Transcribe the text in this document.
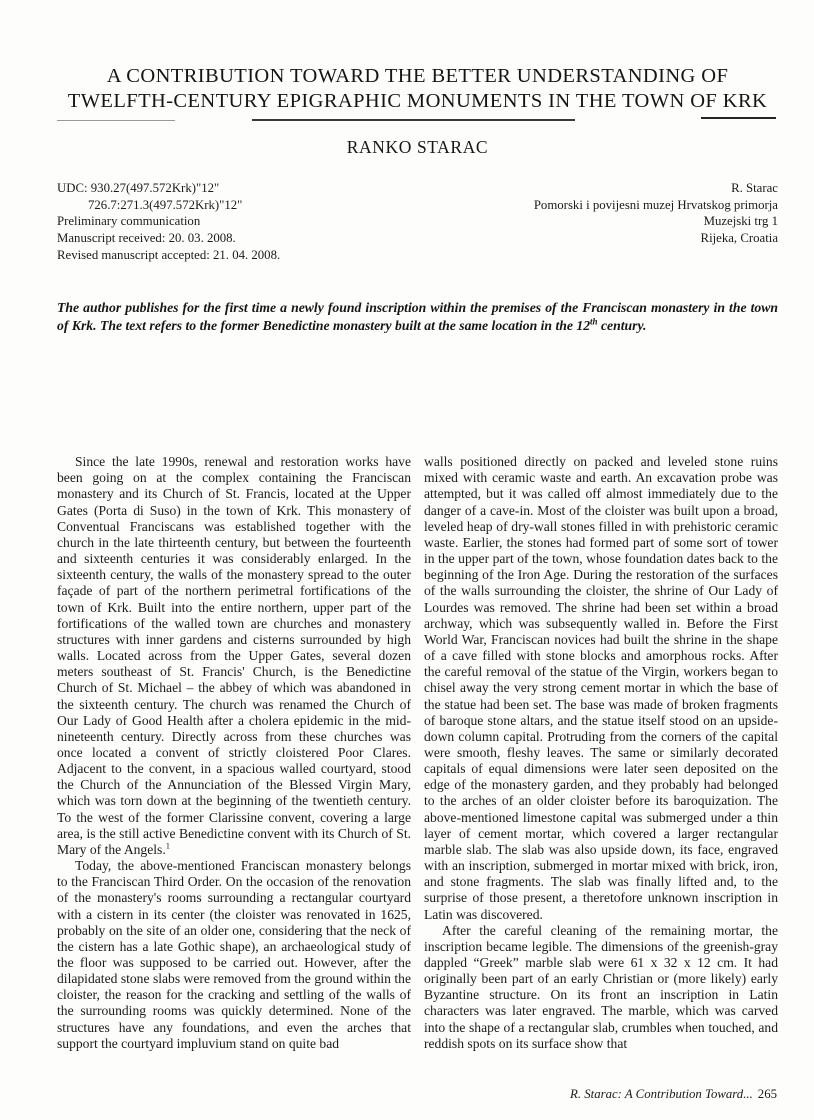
A CONTRIBUTION TOWARD THE BETTER UNDERSTANDING OF
TWELFTH-CENTURY EPIGRAPHIC MONUMENTS IN THE TOWN OF KRK
RANKO STARAC
UDC: 930.27(497.572Krk)"12"
726.7:271.3(497.572Krk)"12"
Preliminary communication
Manuscript received: 20. 03. 2008.
Revised manuscript accepted: 21. 04. 2008.
R. Starac
Pomorski i povijesni muzej Hrvatskog primorja
Muzejski trg 1
Rijeka, Croatia

The author publishes for the first time a newly found inscription within the premises of the Franciscan monastery in the town of Krk. The text refers to the former Benedictine monastery built at the same location in the 12th century.

Since the late 1990s, renewal and restoration works have been going on at the complex containing the Franciscan monastery and its Church of St. Francis, located at the Upper Gates (Porta di Suso) in the town of Krk. This monastery of Conventual Franciscans was established together with the church in the late thirteenth century, but between the fourteenth and sixteenth centuries it was considerably enlarged. In the sixteenth century, the walls of the monastery spread to the outer façade of part of the northern perimetral fortifications of the town of Krk. Built into the entire northern, upper part of the fortifications of the walled town are churches and monastery structures with inner gardens and cisterns surrounded by high walls. Located across from the Upper Gates, several dozen meters southeast of St. Francis' Church, is the Benedictine Church of St. Michael – the abbey of which was abandoned in the sixteenth century. The church was renamed the Church of Our Lady of Good Health after a cholera epidemic in the mid-nineteenth century. Directly across from these churches was once located a convent of strictly cloistered Poor Clares. Adjacent to the convent, in a spacious walled courtyard, stood the Church of the Annunciation of the Blessed Virgin Mary, which was torn down at the beginning of the twentieth century. To the west of the former Clarissine convent, covering a large area, is the still active Benedictine convent with its Church of St. Mary of the Angels.$^1$

Today, the above-mentioned Franciscan monastery belongs to the Franciscan Third Order. On the occasion of the renovation of the monastery's rooms surrounding a rectangular courtyard with a cistern in its center (the cloister was renovated in 1625, probably on the site of an older one, considering that the neck of the cistern has a late Gothic shape), an archaeological study of the floor was supposed to be carried out. However, after the dilapidated stone slabs were removed from the ground within the cloister, the reason for the cracking and settling of the walls of the surrounding rooms was quickly determined. None of the structures have any foundations, and even the arches that support the courtyard impluvium stand on quite bad

walls positioned directly on packed and leveled stone ruins mixed with ceramic waste and earth. An excavation probe was attempted, but it was called off almost immediately due to the danger of a cave-in. Most of the cloister was built upon a broad, leveled heap of dry-wall stones filled in with prehistoric ceramic waste. Earlier, the stones had formed part of some sort of tower in the upper part of the town, whose foundation dates back to the beginning of the Iron Age. During the restoration of the surfaces of the walls surrounding the cloister, the shrine of Our Lady of Lourdes was removed. The shrine had been set within a broad archway, which was subsequently walled in. Before the First World War, Franciscan novices had built the shrine in the shape of a cave filled with stone blocks and amorphous rocks. After the careful removal of the statue of the Virgin, workers began to chisel away the very strong cement mortar in which the base of the statue had been set. The base was made of broken fragments of baroque stone altars, and the statue itself stood on an upside-down column capital. Protruding from the corners of the capital were smooth, fleshy leaves. The same or similarly decorated capitals of equal dimensions were later seen deposited on the edge of the monastery garden, and they probably had belonged to the arches of an older cloister before its baroquization. The above-mentioned limestone capital was submerged under a thin layer of cement mortar, which covered a larger rectangular marble slab. The slab was also upside down, its face, engraved with an inscription, submerged in mortar mixed with brick, iron, and stone fragments. The slab was finally lifted and, to the surprise of those present, a theretofore unknown inscription in Latin was discovered.

After the careful cleaning of the remaining mortar, the inscription became legible. The dimensions of the greenish-gray dappled “Greek” marble slab were 61 x 32 x 12 cm. It had originally been part of an early Christian or (more likely) early Byzantine structure. On its front an inscription in Latin characters was later engraved. The marble, which was carved into the shape of a rectangular slab, crumbles when touched, and reddish spots on its surface show that

R. Starac: A Contribution Toward... 265
